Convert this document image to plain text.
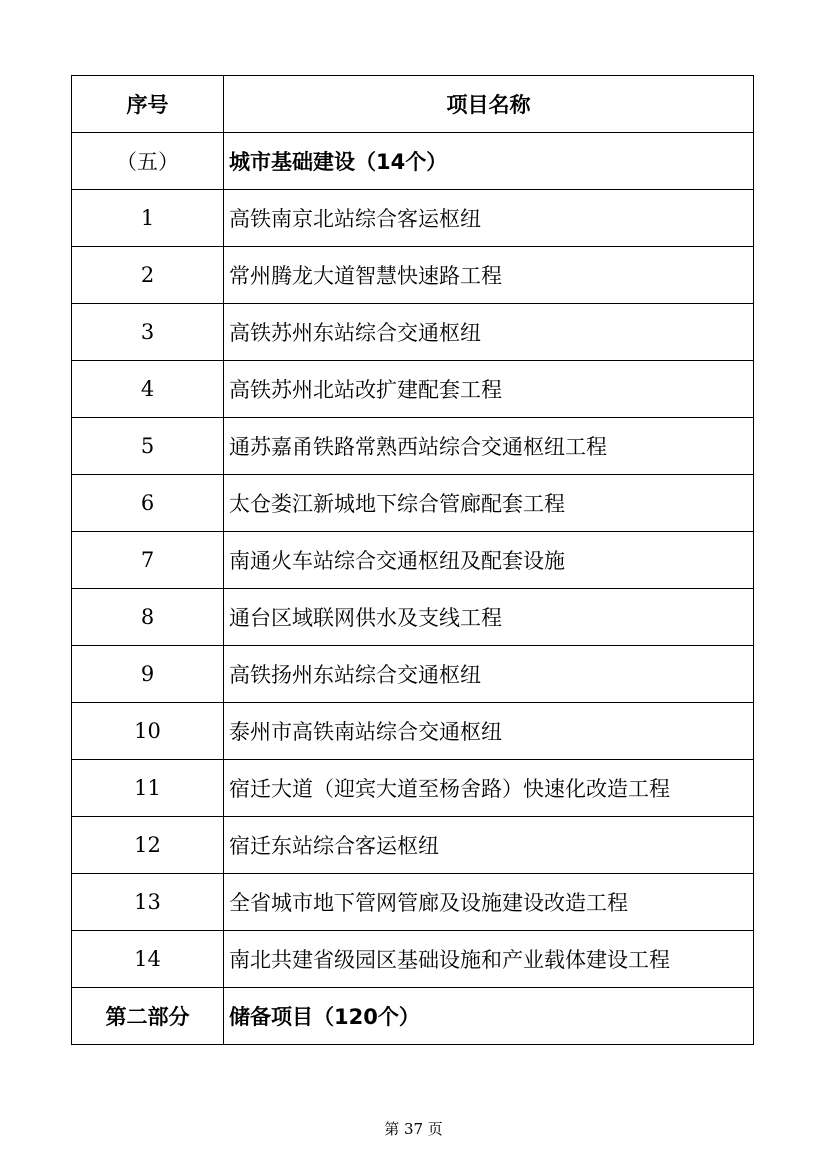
序号	项目名称
（五）	城市基础建设（14个）
1	高铁南京北站综合客运枢纽
2	常州腾龙大道智慧快速路工程
3	高铁苏州东站综合交通枢纽
4	高铁苏州北站改扩建配套工程
5	通苏嘉甬铁路常熟西站综合交通枢纽工程
6	太仓娄江新城地下综合管廊配套工程
7	南通火车站综合交通枢纽及配套设施
8	通台区域联网供水及支线工程
9	高铁扬州东站综合交通枢纽
10	泰州市高铁南站综合交通枢纽
11	宿迁大道（迎宾大道至杨舍路）快速化改造工程
12	宿迁东站综合客运枢纽
13	全省城市地下管网管廊及设施建设改造工程
14	南北共建省级园区基础设施和产业载体建设工程
第二部分	储备项目（120个）
第 37 页
